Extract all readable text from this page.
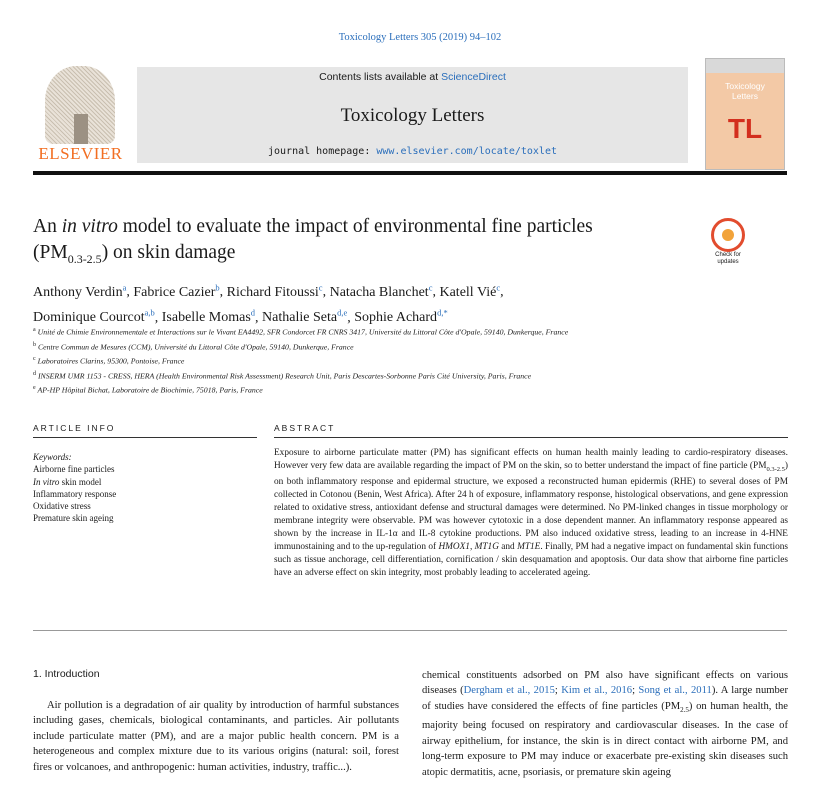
Toxicology Letters 305 (2019) 94–102
ELSEVIER
Contents lists available at ScienceDirect
Toxicology Letters
journal homepage: www.elsevier.com/locate/toxlet
Toxicology
Letters
TL
An in vitro model to evaluate the impact of environmental fine particles
$(PM_{0.3-2.5})$ on skin damage	Check for
updates
Anthony Verdin$^a$, Fabrice Cazier$^b$, Richard Fitoussi$^c$, Natacha Blanchet$^c$, Katell Vié$^c$,
Dominique Courcot$^{a,b}$, Isabelle Momas$^d$, Nathalie Seta$^{d,e}$, Sophie Achard$^{d,*}$
$^a$ Unité de Chimie Environnementale et Interactions sur le Vivant EA4492, SFR Condorcet FR CNRS 3417, Université du Littoral Côte d'Opale, 59140, Dunkerque, France
$^b$ Centre Commun de Mesures (CCM), Université du Littoral Côte d'Opale, 59140, Dunkerque, France
$^c$ Laboratoires Clarins, 95300, Pontoise, France
$^d$ INSERM UMR 1153 - CRESS, HERA (Health Environmental Risk Assessment) Research Unit, Paris Descartes-Sorbonne Paris Cité University, Paris, France
$^e$ AP-HP Hôpital Bichat, Laboratoire de Biochimie, 75018, Paris, France
ARTICLE INFO	ABSTRACT
Keywords:
Airborne fine particles
In vitro skin model
Inflammatory response
Oxidative stress
Premature skin ageing
Exposure to airborne particulate matter (PM) has significant effects on human health mainly leading to cardio-respiratory diseases. However very few data are available regarding the impact of PM on the skin, so to better understand the impact of fine particle $(PM_{0.3-2.5})$ on both inflammatory response and epidermal structure, we exposed a reconstructed human epidermis (RHE) to several doses of PM collected in Cotonou (Benin, West Africa). After 24 h of exposure, inflammatory response, histological observations, and gene expression related to oxidative stress, antioxidant defense and structural damages were determined. No PM-linked changes in tissue morphology or membrane integrity were observable. PM was however cytotoxic in a dose dependent manner. An inflammatory response appeared as shown by the increase in IL-1α and IL-8 cytokine productions. PM also induced oxidative stress, leading to an increase in 4-HNE immunostaining and to the up-regulation of HMOX1, MT1G and MT1E. Finally, PM had a negative impact on fundamental skin functions such as tissue anchorage, cell differentiation, cornification / skin desquamation and apoptosis. Our data show that airborne fine particles have an adverse effect on skin integrity, most probably leading to accelerated ageing.
1. Introduction
Air pollution is a degradation of air quality by introduction of harmful substances including gases, chemicals, biological contaminants, and particles. Air pollutants include particulate matter (PM), and are a major public health concern. PM is a heterogeneous and complex mixture due to its various origins (natural: soil, forest fires or volcanoes, and anthropogenic: human activities, industry, traffic...).
chemical constituents adsorbed on PM also have significant effects on various diseases (Dergham et al., 2015; Kim et al., 2016; Song et al., 2011). A large number of studies have considered the effects of fine particles $(PM_{2.5})$ on human health, the majority being focused on respiratory and cardiovascular diseases. In the case of airway epithelium, for instance, the skin is in direct contact with airborne PM, and long-term exposure to PM may induce or exacerbate pre-existing skin diseases such atopic dermatitis, acne, psoriasis, or premature skin ageing
